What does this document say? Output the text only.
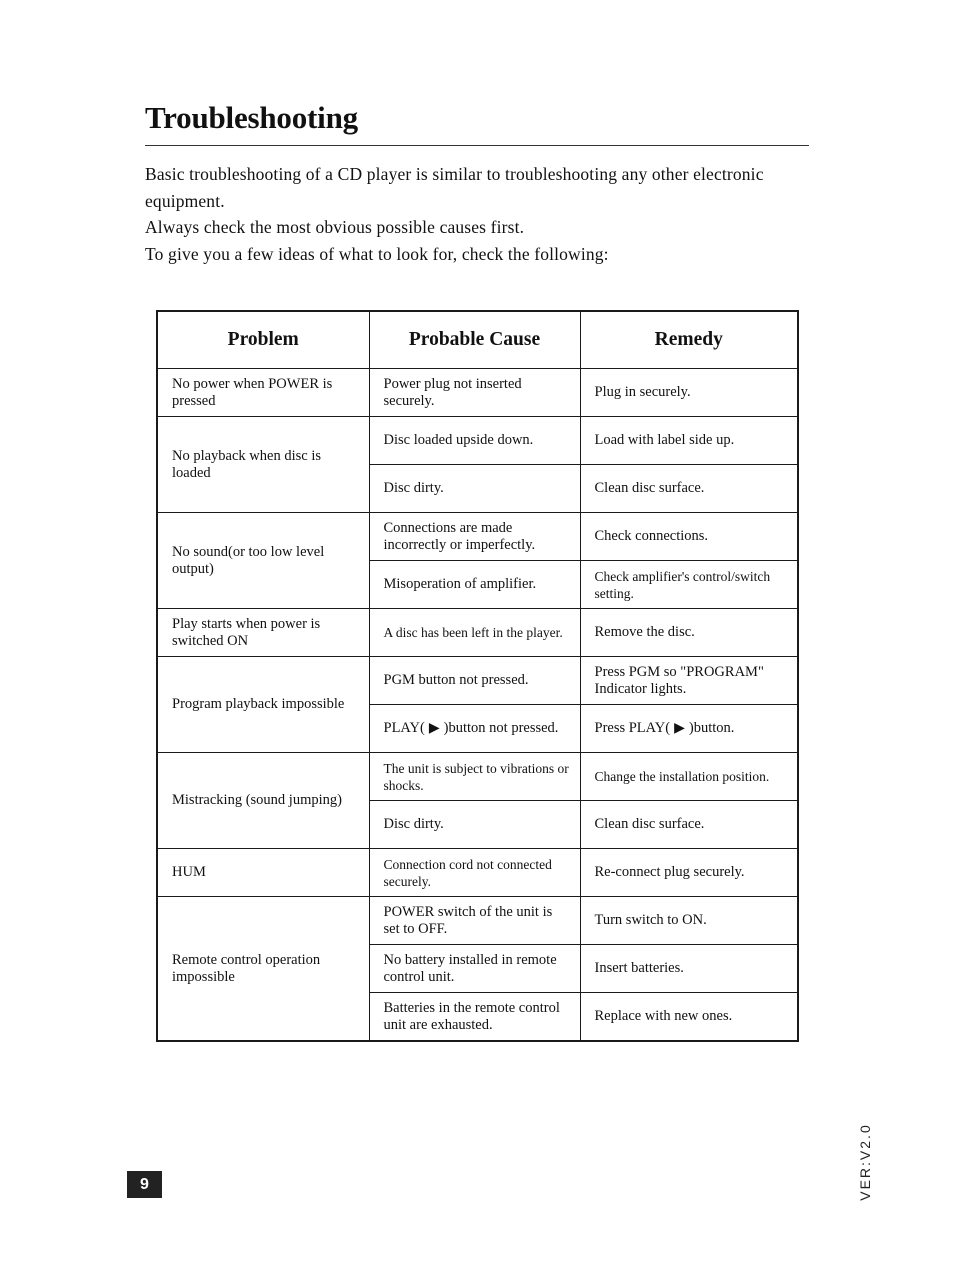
Troubleshooting

Basic troubleshooting of a CD player is similar to troubleshooting any other electronic equipment.

Always check the most obvious possible causes first.

To give you a few ideas of what to look for, check the following:

Problem	Probable Cause	Remedy
No power when POWER is pressed	Power plug not inserted securely.	Plug in securely.
No playback when disc is loaded	Disc loaded upside down.	Load with label side up.
	Disc dirty.	Clean disc surface.
No sound(or too low level output)	Connections are made incorrectly or imperfectly.	Check connections.
	Misoperation of amplifier.	Check amplifier's control/switch setting.
Play starts when power is switched ON	A disc has been left in the player.	Remove the disc.
Program playback impossible	PGM button not pressed.	Press PGM so "PROGRAM" Indicator lights.
	PLAY( ▶ )button not pressed.	Press PLAY( ▶ )button.
Mistracking (sound jumping)	The unit is subject to vibrations or shocks.	Change the installation position.
	Disc dirty.	Clean disc surface.
HUM	Connection cord not connected securely.	Re-connect plug securely.
Remote control operation impossible	POWER switch of the unit is set to OFF.	Turn switch to ON.
	No battery installed in remote control unit.	Insert batteries.
	Batteries in the remote control unit are exhausted.	Replace with new ones.
9	VER:V2.0
